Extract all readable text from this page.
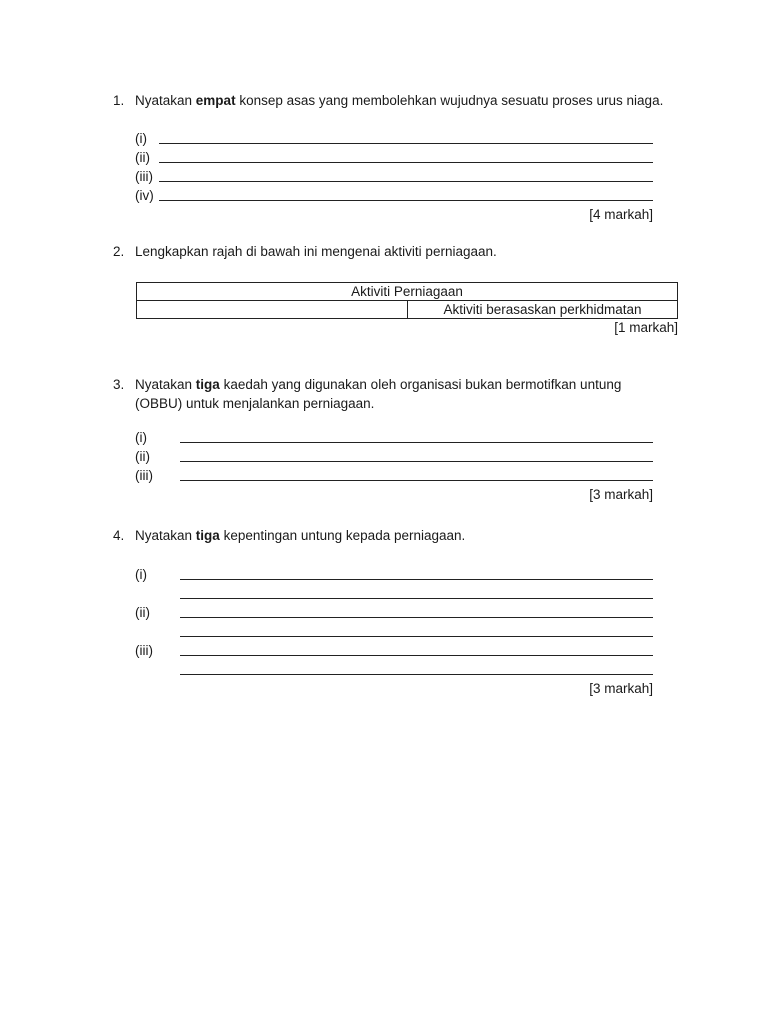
1. Nyatakan empat konsep asas yang membolehkan wujudnya sesuatu proses urus niaga.
(i)
(ii)
(iii)
(iv)
[4 markah]
2. Lengkapkan rajah di bawah ini mengenai aktiviti perniagaan.
Aktiviti Perniagaan
	Aktiviti berasaskan perkhidmatan
[1 markah]
3. Nyatakan tiga kaedah yang digunakan oleh organisasi bukan bermotifkan untung
(OBBU) untuk menjalankan perniagaan.
(i)
(ii)
(iii)
[3 markah]
4. Nyatakan tiga kepentingan untung kepada perniagaan.
(i)
(ii)
(iii)
[3 markah]
